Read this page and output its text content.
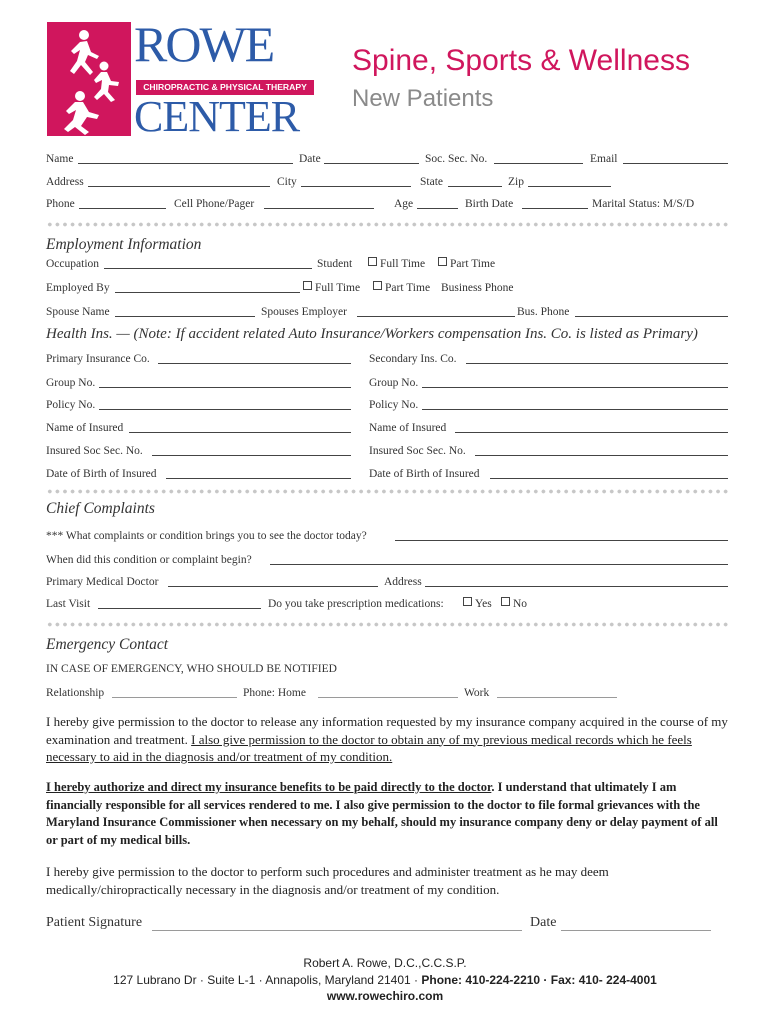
ROWE
CHIROPRACTIC & PHYSICAL THERAPY
CENTER
Spine, Sports & Wellness
New Patients
Name	Date	Soc. Sec. No.	Email
Address	City	State	Zip
Phone	Cell Phone/Pager	Age	Birth Date	Marital Status: M/S/D
Employment Information
Occupation	Student	Full Time	Part Time
Employed By	Full Time	Part Time Business Phone
Spouse Name	Spouses Employer	Bus. Phone
Health Ins. — (Note: If accident related Auto Insurance/Workers compensation Ins. Co. is listed as Primary)
Primary Insurance Co.	Secondary Ins. Co.
Group No.	Group No.
Policy No.	Policy No.
Name of Insured	Name of Insured
Insured Soc Sec. No.	Insured Soc Sec. No.
Date of Birth of Insured	Date of Birth of Insured
Chief Complaints
*** What complaints or condition brings you to see the doctor today?
When did this condition or complaint begin?
Primary Medical Doctor	Address
Last Visit	Do you take prescription medications:	Yes	No
Emergency Contact
IN CASE OF EMERGENCY, WHO SHOULD BE NOTIFIED
Relationship	Phone: Home	Work
I hereby give permission to the doctor to release any information requested by my insurance company acquired in the course of my examination and treatment. I also give permission to the doctor to obtain any of my previous medical records which he feels necessary to aid in the diagnosis and/or treatment of my condition.
I hereby authorize and direct my insurance benefits to be paid directly to the doctor. I understand that ultimately I am financially responsible for all services rendered to me. I also give permission to the doctor to file formal grievances with the Maryland Insurance Commissioner when necessary on my behalf, should my insurance company deny or delay payment of all or part of my medical bills.
I hereby give permission to the doctor to perform such procedures and administer treatment as he may deem medically/chiropractically necessary in the diagnosis and/or treatment of my condition.
Patient Signature	Date
Robert A. Rowe, D.C.,C.C.S.P.
127 Lubrano Dr · Suite L-1 · Annapolis, Maryland 21401 · Phone: 410-224-2210 · Fax: 410- 224-4001
www.rowechiro.com
